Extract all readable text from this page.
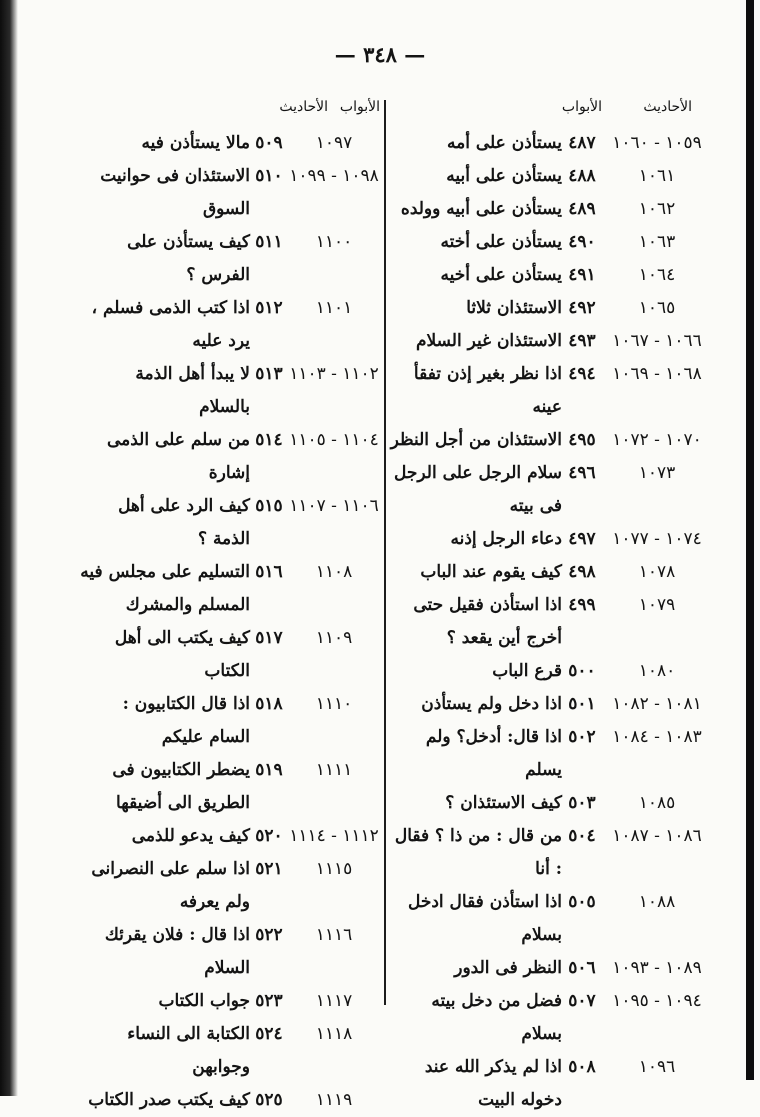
— ٣٤٨ —
الأحاديث
الأبواب
١٠٥٩ - ١٠٦٠
٤٨٧
يستأذن على أمه
١٠٦١
٤٨٨
يستأذن على أبيه
١٠٦٢
٤٨٩
يستأذن على أبيه وولده
١٠٦٣
٤٩٠
يستأذن على أخته
١٠٦٤
٤٩١
يستأذن على أخيه
١٠٦٥
٤٩٢
الاستئذان ثلاثا
١٠٦٦ - ١٠٦٧
٤٩٣
الاستئذان غير السلام
١٠٦٨ - ١٠٦٩
٤٩٤
اذا نظر بغير إذن تفقأ عينه
١٠٧٠ - ١٠٧٢
٤٩٥
الاستئذان من أجل النظر
١٠٧٣
٤٩٦
سلام الرجل على الرجل فى بيته
١٠٧٤ - ١٠٧٧
٤٩٧
دعاء الرجل إذنه
١٠٧٨
٤٩٨
كيف يقوم عند الباب
١٠٧٩
٤٩٩
اذا استأذن فقيل حتى أخرج أين يقعد ؟
١٠٨٠
٥٠٠
قرع الباب
١٠٨١ - ١٠٨٢
٥٠١
اذا دخل ولم يستأذن
١٠٨٣ - ١٠٨٤
٥٠٢
اذا قال: أدخل؟ ولم يسلم
١٠٨٥
٥٠٣
كيف الاستئذان ؟
١٠٨٦ - ١٠٨٧
٥٠٤
من قال : من ذا ؟ فقال : أنا
١٠٨٨
٥٠٥
اذا استأذن فقال ادخل بسلام
١٠٨٩ - ١٠٩٣
٥٠٦
النظر فى الدور
١٠٩٤ - ١٠٩٥
٥٠٧
فضل من دخل بيته بسلام
١٠٩٦
٥٠٨
اذا لم يذكر الله عند دخوله البيت
الأحاديث الأبواب
١٠٩٧
٥٠٩
مالا يستأذن فيه
١٠٩٨ - ١٠٩٩
٥١٠
الاستئذان فى حوانيت السوق
١١٠٠
٥١١
كيف يستأذن على الفرس ؟
١١٠١
٥١٢
اذا كتب الذمى فسلم ، يرد عليه
١١٠٢ - ١١٠٣
٥١٣
لا يبدأ أهل الذمة بالسلام
١١٠٤ - ١١٠٥
٥١٤
من سلم على الذمى إشارة
١١٠٦ - ١١٠٧
٥١٥
كيف الرد على أهل الذمة ؟
١١٠٨
٥١٦
التسليم على مجلس فيه المسلم والمشرك
١١٠٩
٥١٧
كيف يكتب الى أهل الكتاب
١١١٠
٥١٨
اذا قال الكتابيون : السام عليكم
١١١١
٥١٩
يضطر الكتابيون فى الطريق الى أضيقها
١١١٢ - ١١١٤
٥٢٠
كيف يدعو للذمى
١١١٥
٥٢١
اذا سلم على النصرانى ولم يعرفه
١١١٦
٥٢٢
اذا قال : فلان يقرئك السلام
١١١٧
٥٢٣
جواب الكتاب
١١١٨
٥٢٤
الكتابة الى النساء وجوابهن
١١١٩
٥٢٥
كيف يكتب صدر الكتاب
